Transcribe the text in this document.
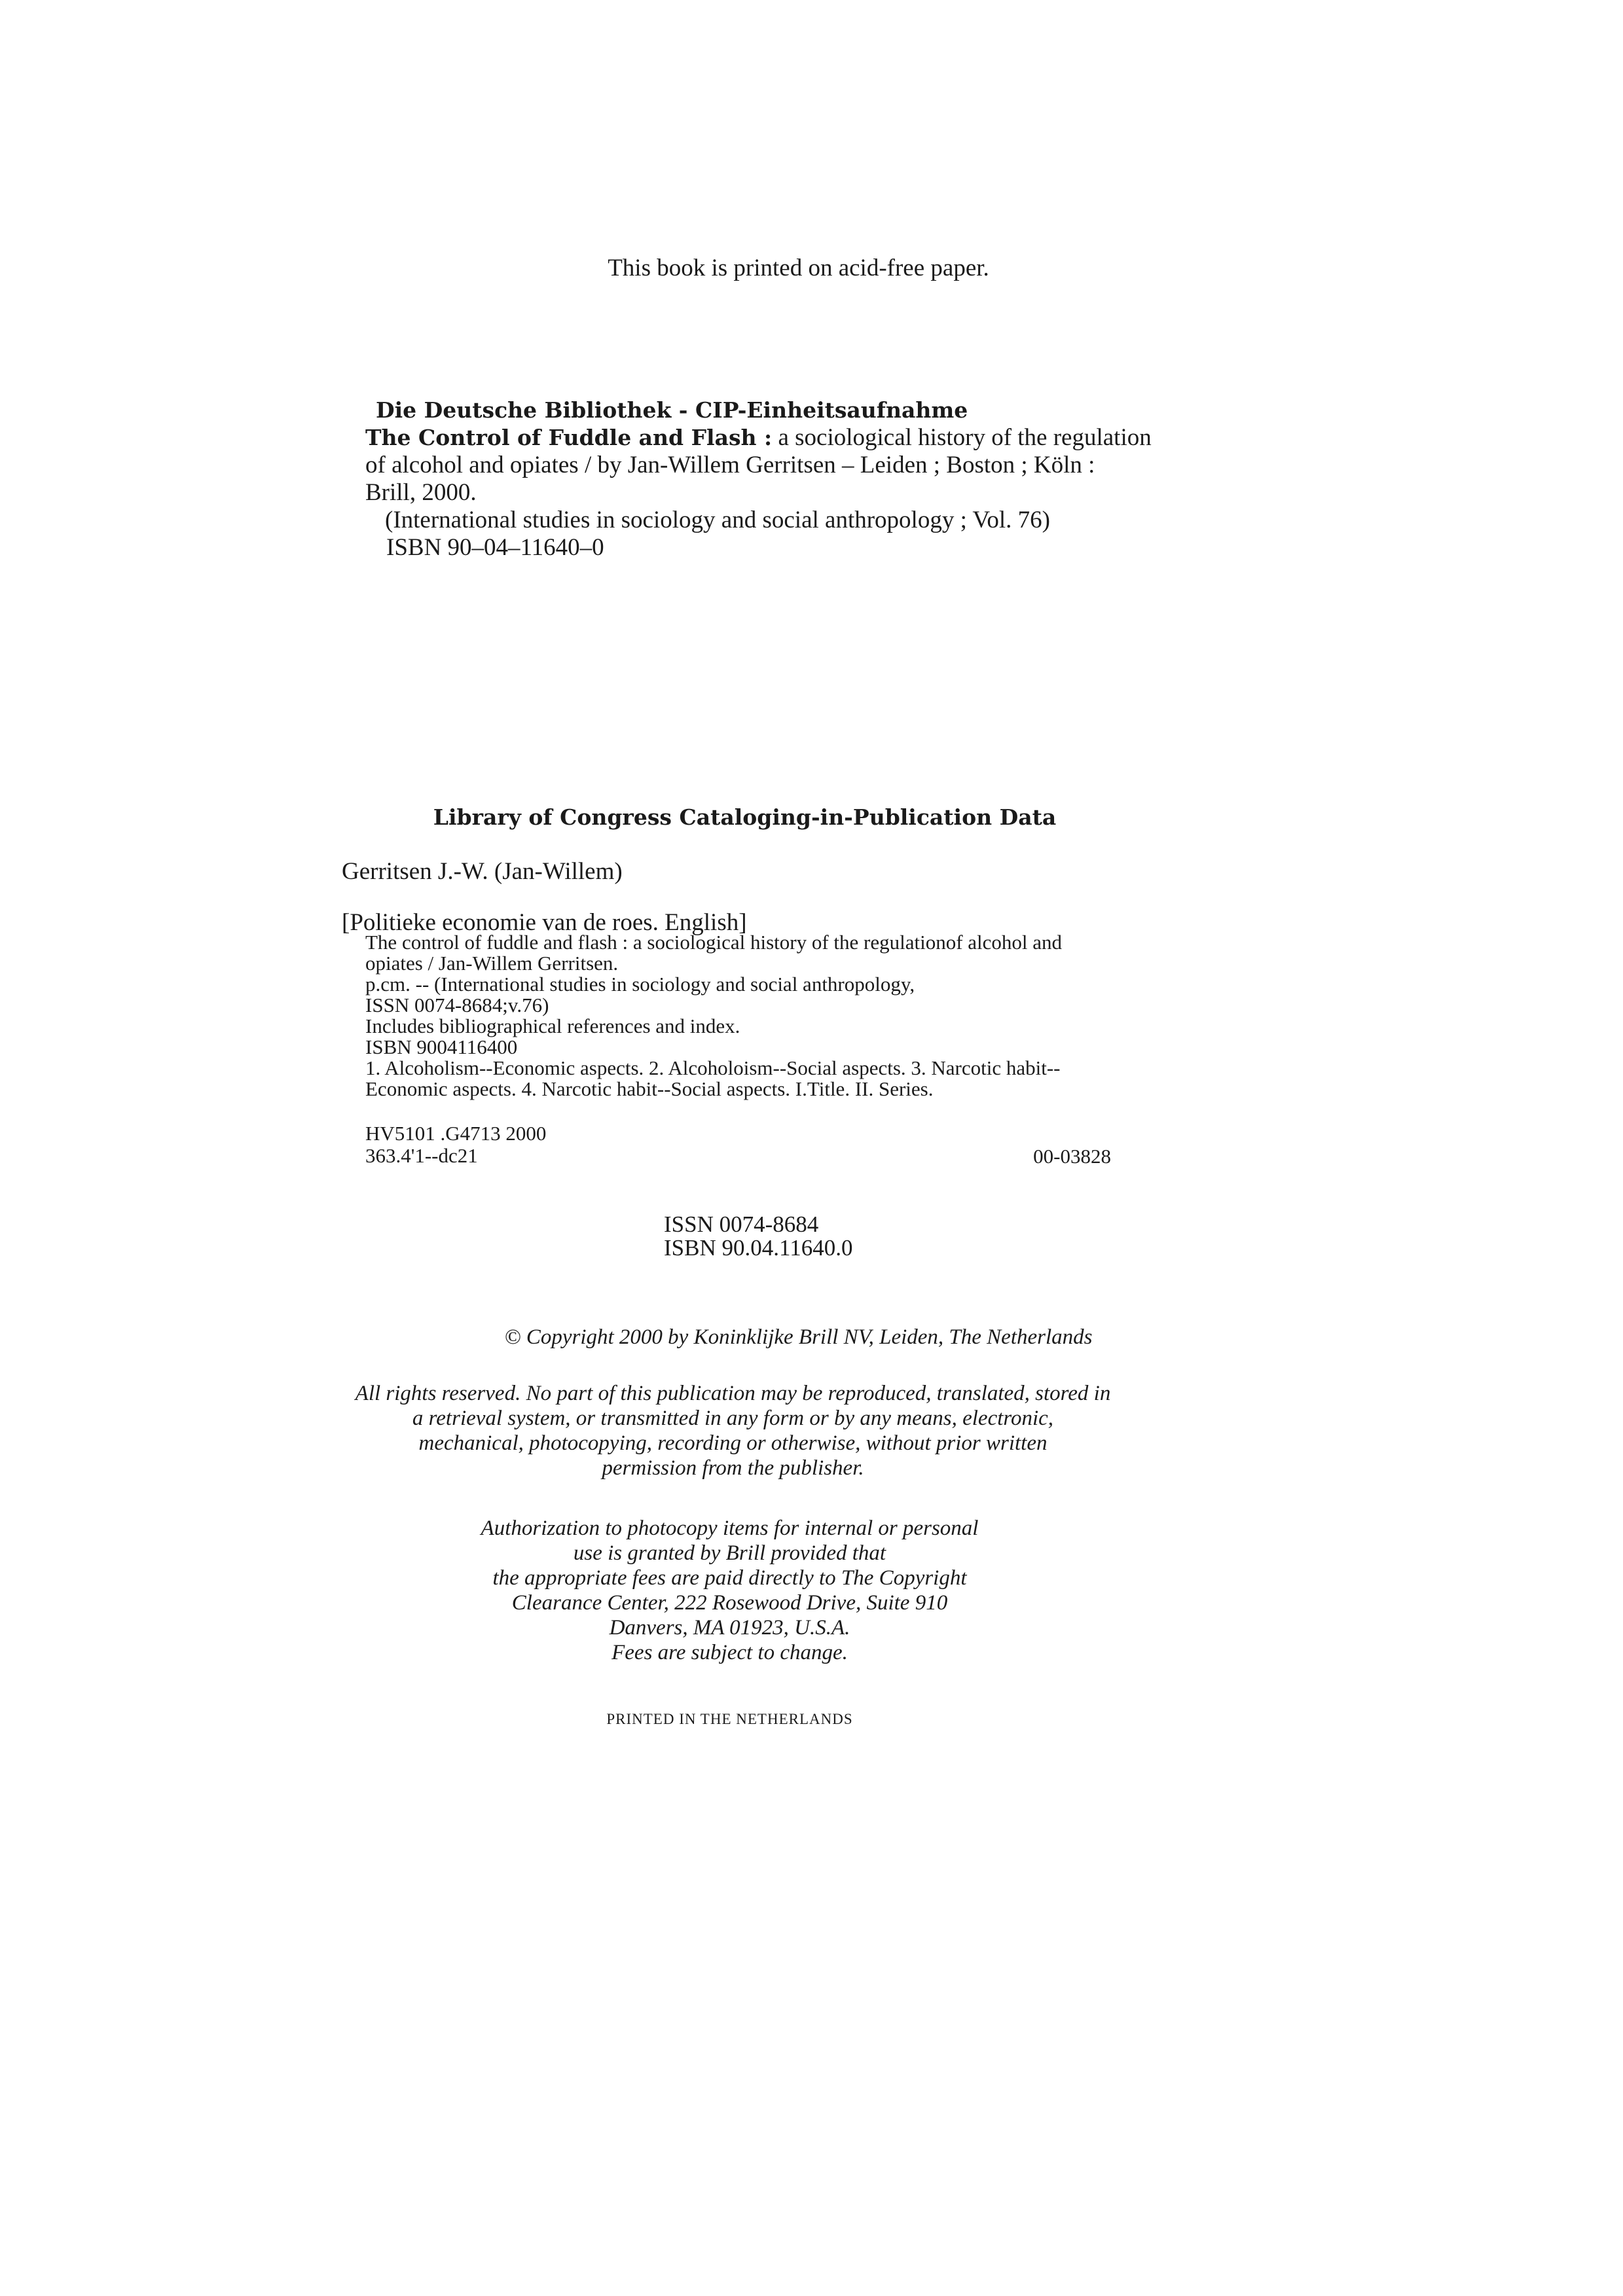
This book is printed on acid-free paper.

Die Deutsche Bibliothek - CIP-Einheitsaufnahme
The Control of Fuddle and Flash : a sociological history of the regulation
of alcohol and opiates / by Jan-Willem Gerritsen – Leiden ; Boston ; Köln :
Brill, 2000.
(International studies in sociology and social anthropology ; Vol. 76)
ISBN 90–04–11640–0

Library of Congress Cataloging-in-Publication Data

Gerritsen J.-W. (Jan-Willem)

[Politieke economie van de roes. English]

The control of fuddle and flash : a sociological history of the regulationof alcohol and
opiates / Jan-Willem Gerritsen.
p.cm. -- (International studies in sociology and social anthropology,
ISSN 0074-8684;v.76)
Includes bibliographical references and index.
ISBN 9004116400
1. Alcoholism--Economic aspects. 2. Alcoholoism--Social aspects. 3. Narcotic habit--
Economic aspects. 4. Narcotic habit--Social aspects. I.Title. II. Series.
HV5101 .G4713 2000
363.4'1--dc21	00-03828

ISSN 0074-8684
ISBN 90.04.11640.0

© Copyright 2000 by Koninklijke Brill NV, Leiden, The Netherlands

All rights reserved. No part of this publication may be reproduced, translated, stored in
a retrieval system, or transmitted in any form or by any means, electronic,
mechanical, photocopying, recording or otherwise, without prior written
permission from the publisher.
Authorization to photocopy items for internal or personal
use is granted by Brill provided that
the appropriate fees are paid directly to The Copyright
Clearance Center, 222 Rosewood Drive, Suite 910
Danvers, MA 01923, U.S.A.
Fees are subject to change.

PRINTED IN THE NETHERLANDS
